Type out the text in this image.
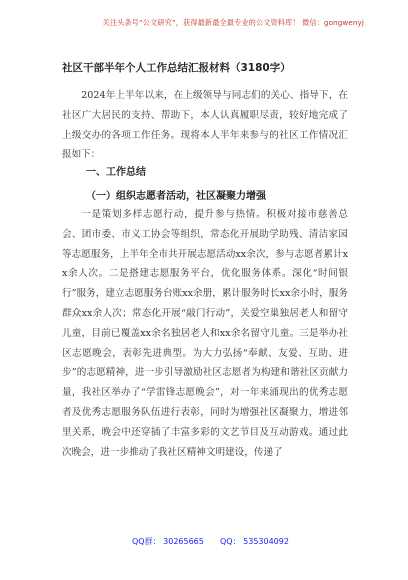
关注头条号“公文研究”，获得最新最全最专业的公文资料库！ 微信：gongwenyj
社区干部半年个人工作总结汇报材料（3180字）
2024年上半年以来，在上级领导与同志们的关心、指导下，在社区广大居民的支持、帮助下，本人认真履职尽责，较好地完成了上级交办的各项工作任务。现将本人半年来参与的社区工作情况汇报如下：
一、工作总结
（一）组织志愿者活动，社区凝聚力增强
一是策划多样志愿行动，提升参与热情。积极对接市慈善总会、团市委、市义工协会等组织，常态化开展助学助残、清洁家园等志愿服务，上半年全市共开展志愿活动xx余次，参与志愿者累计xx余人次。二是搭建志愿服务平台，优化服务体系。深化“时间银行”服务，建立志愿服务台账xx余册，累计服务时长xx余小时，服务群众xx余人次；常态化开展“敲门行动”，关爱空巢独居老人和留守儿童，目前已覆盖xx余名独居老人和xx余名留守儿童。三是举办社区志愿晚会，表彰先进典型。为大力弘扬“奉献、友爱、互助、进步”的志愿精神，进一步引导激励社区志愿者为构建和谐社区贡献力量，我社区举办了“学雷锋志愿晚会”，对一年来涌现出的优秀志愿者及优秀志愿服务队伍进行表彰，同时为增强社区凝聚力，增进邻里关系，晚会中还穿插了丰富多彩的文艺节目及互动游戏。通过此次晚会，进一步推动了我社区精神文明建设，传递了
QQ群： 30265665 QQ： 535304092
